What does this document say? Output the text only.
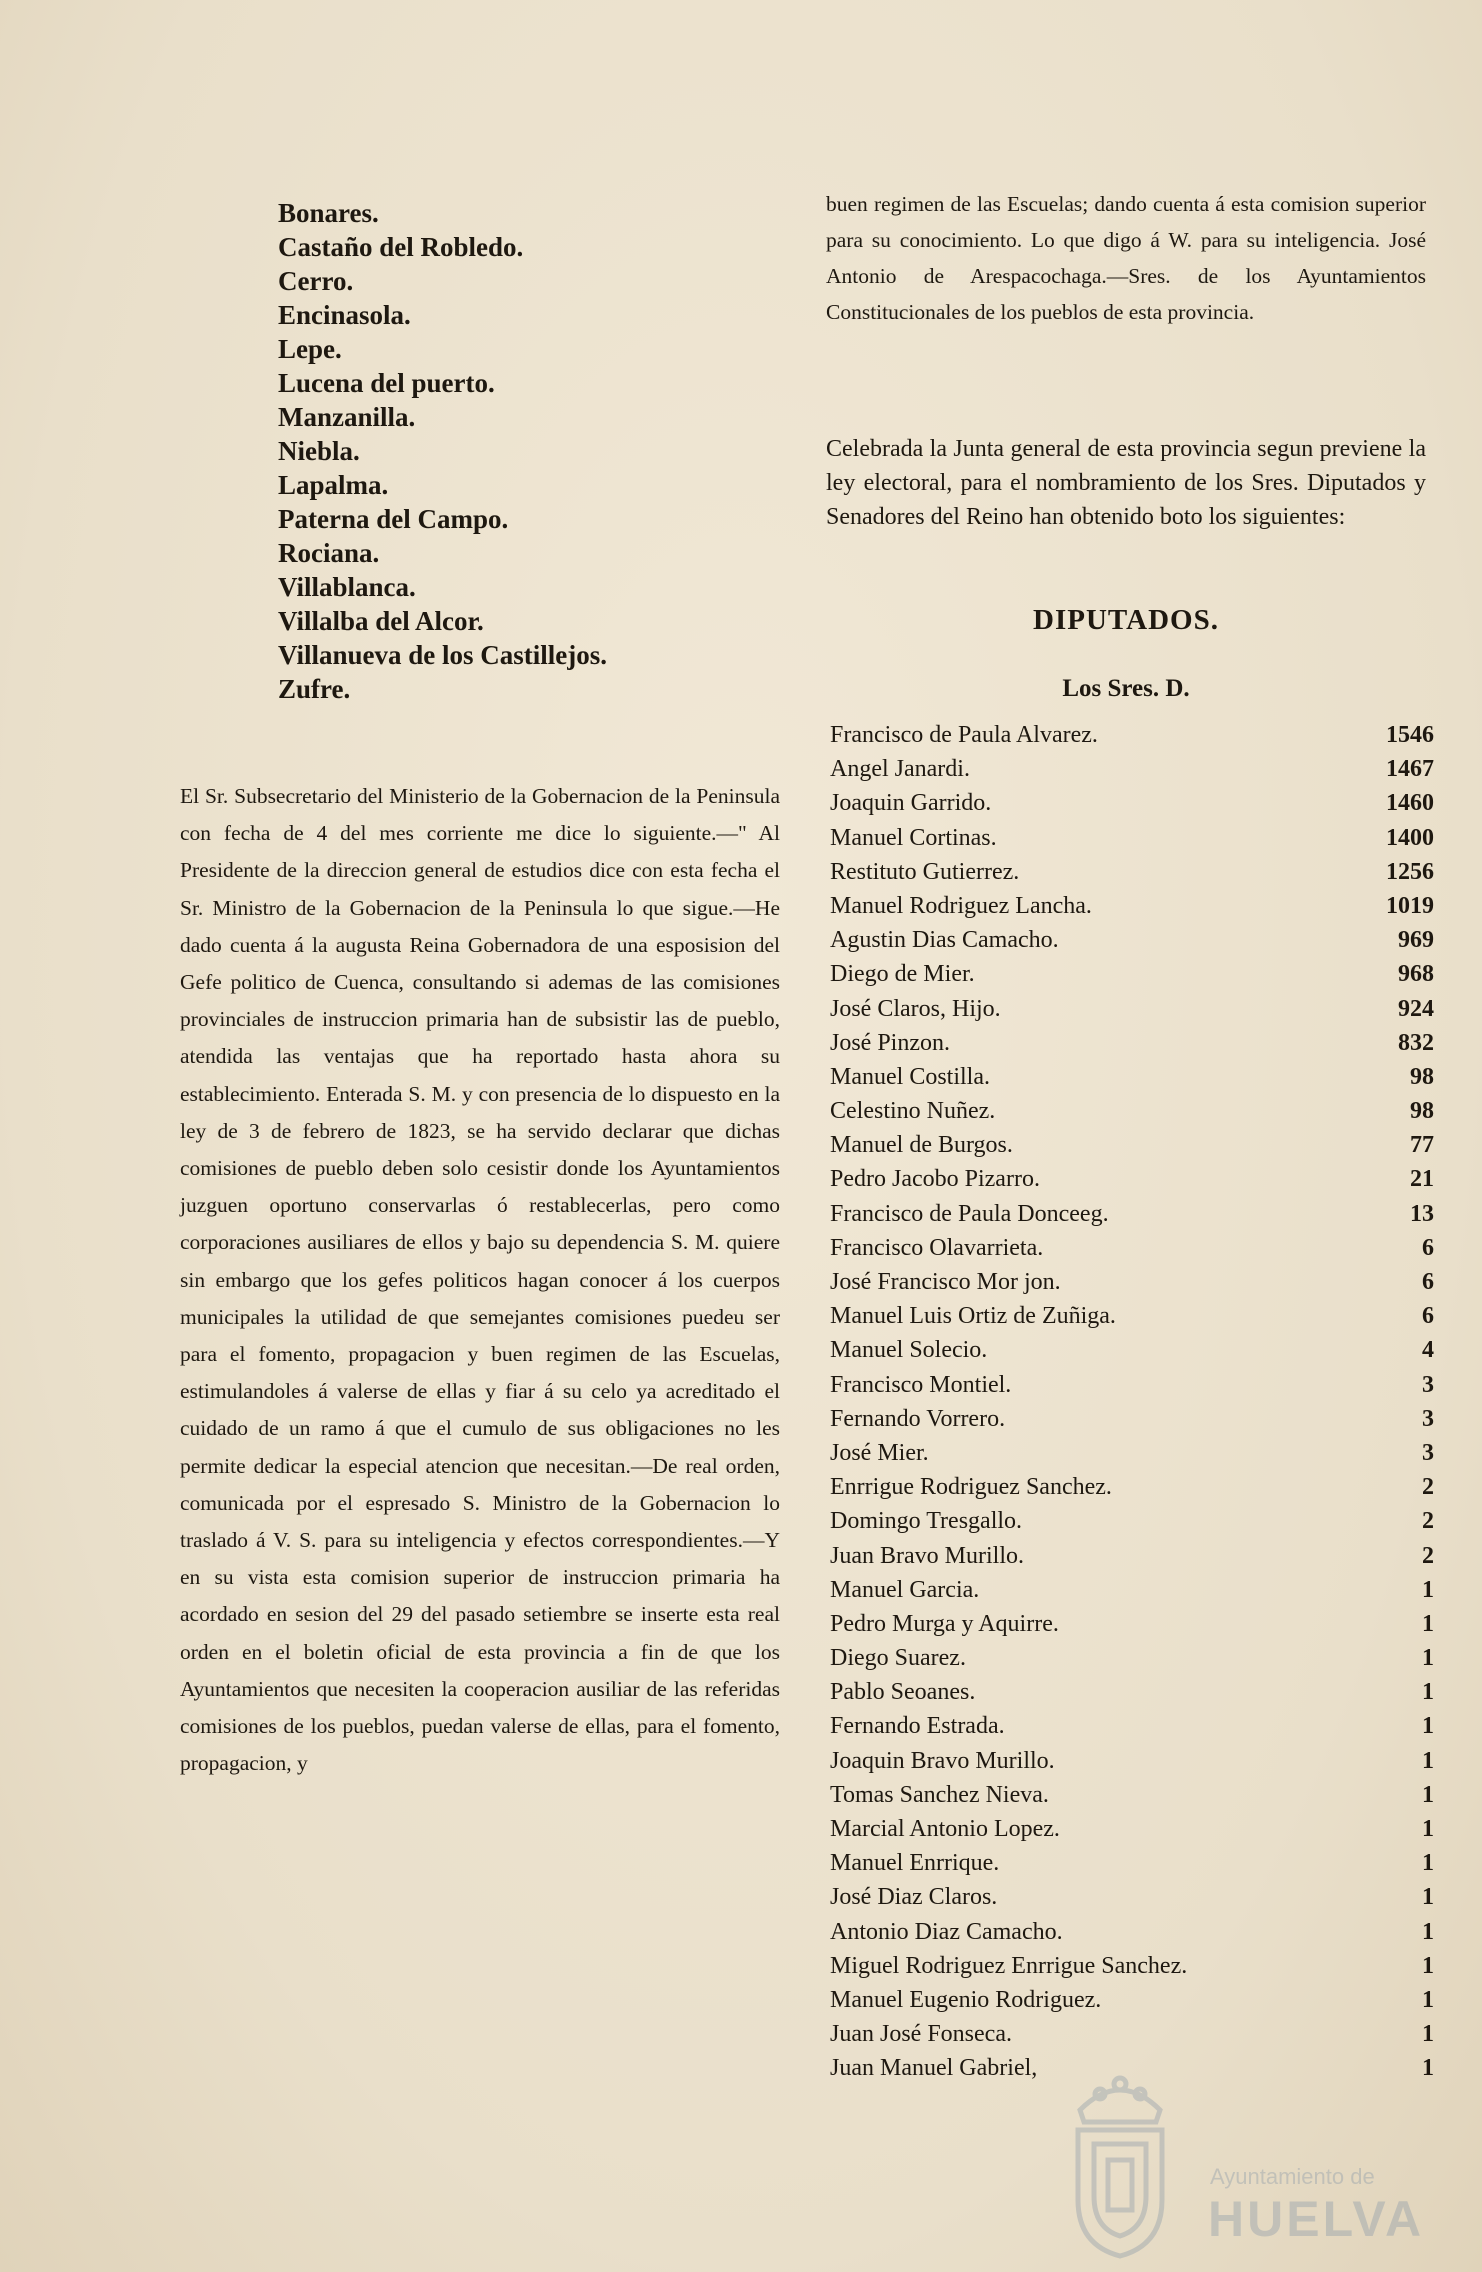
Bonares.
Castaño del Robledo.
Cerro.
Encinasola.
Lepe.
Lucena del puerto.
Manzanilla.
Niebla.
Lapalma.
Paterna del Campo.
Rociana.
Villablanca.
Villalba del Alcor.
Villanueva de los Castillejos.
Zufre.

El Sr. Subsecretario del Ministerio de la Gobernacion de la Peninsula con fecha de 4 del mes corriente me dice lo siguiente.—" Al Presidente de la direccion general de estudios dice con esta fecha el Sr. Ministro de la Gobernacion de la Peninsula lo que sigue.—He dado cuenta á la augusta Reina Gobernadora de una esposision del Gefe politico de Cuenca, consultando si ademas de las comisiones provinciales de instruccion primaria han de subsistir las de pueblo, atendida las ventajas que ha reportado hasta ahora su establecimiento. Enterada S. M. y con presencia de lo dispuesto en la ley de 3 de febrero de 1823, se ha servido declarar que dichas comisiones de pueblo deben solo cesistir donde los Ayuntamientos juzguen oportuno conservarlas ó restablecerlas, pero como corporaciones ausiliares de ellos y bajo su dependencia S. M. quiere sin embargo que los gefes politicos hagan conocer á los cuerpos municipales la utilidad de que semejantes comisiones puedeu ser para el fomento, propagacion y buen regimen de las Escuelas, estimulandoles á valerse de ellas y fiar á su celo ya acreditado el cuidado de un ramo á que el cumulo de sus obligaciones no les permite dedicar la especial atencion que necesitan.—De real orden, comunicada por el espresado S. Ministro de la Gobernacion lo traslado á V. S. para su inteligencia y efectos correspondientes.—Y en su vista esta comision superior de instruccion primaria ha acordado en sesion del 29 del pasado setiembre se inserte esta real orden en el boletin oficial de esta provincia a fin de que los Ayuntamientos que necesiten la cooperacion ausiliar de las referidas comisiones de los pueblos, puedan valerse de ellas, para el fomento, propagacion, y

buen regimen de las Escuelas; dando cuenta á esta comision superior para su conocimiento. Lo que digo á W. para su inteligencia. José Antonio de Arespacochaga.—Sres. de los Ayuntamientos Constitucionales de los pueblos de esta provincia.

Celebrada la Junta general de esta provincia segun previene la ley electoral, para el nombramiento de los Sres. Diputados y Senadores del Reino han obtenido boto los siguientes:

DIPUTADOS.
Los Sres. D.
Francisco de Paula Alvarez.	1546
Angel Janardi.	1467
Joaquin Garrido.	1460
Manuel Cortinas.	1400
Restituto Gutierrez.	1256
Manuel Rodriguez Lancha.	1019
Agustin Dias Camacho.	969
Diego de Mier.	968
José Claros, Hijo.	924
José Pinzon.	832
Manuel Costilla.	98
Celestino Nuñez.	98
Manuel de Burgos.	77
Pedro Jacobo Pizarro.	21
Francisco de Paula Donceeg.	13
Francisco Olavarrieta.	6
José Francisco Mor jon.	6
Manuel Luis Ortiz de Zuñiga.	6
Manuel Solecio.	4
Francisco Montiel.	3
Fernando Vorrero.	3
José Mier.	3
Enrrigue Rodriguez Sanchez.	2
Domingo Tresgallo.	2
Juan Bravo Murillo.	2
Manuel Garcia.	1
Pedro Murga y Aquirre.	1
Diego Suarez.	1
Pablo Seoanes.	1
Fernando Estrada.	1
Joaquin Bravo Murillo.	1
Tomas Sanchez Nieva.	1
Marcial Antonio Lopez.	1
Manuel Enrrique.	1
José Diaz Claros.	1
Antonio Diaz Camacho.	1
Miguel Rodriguez Enrrigue Sanchez.	1
Manuel Eugenio Rodriguez.	1
Juan José Fonseca.	1
Juan Manuel Gabriel,	1
Ayuntamiento de
HUELVA
